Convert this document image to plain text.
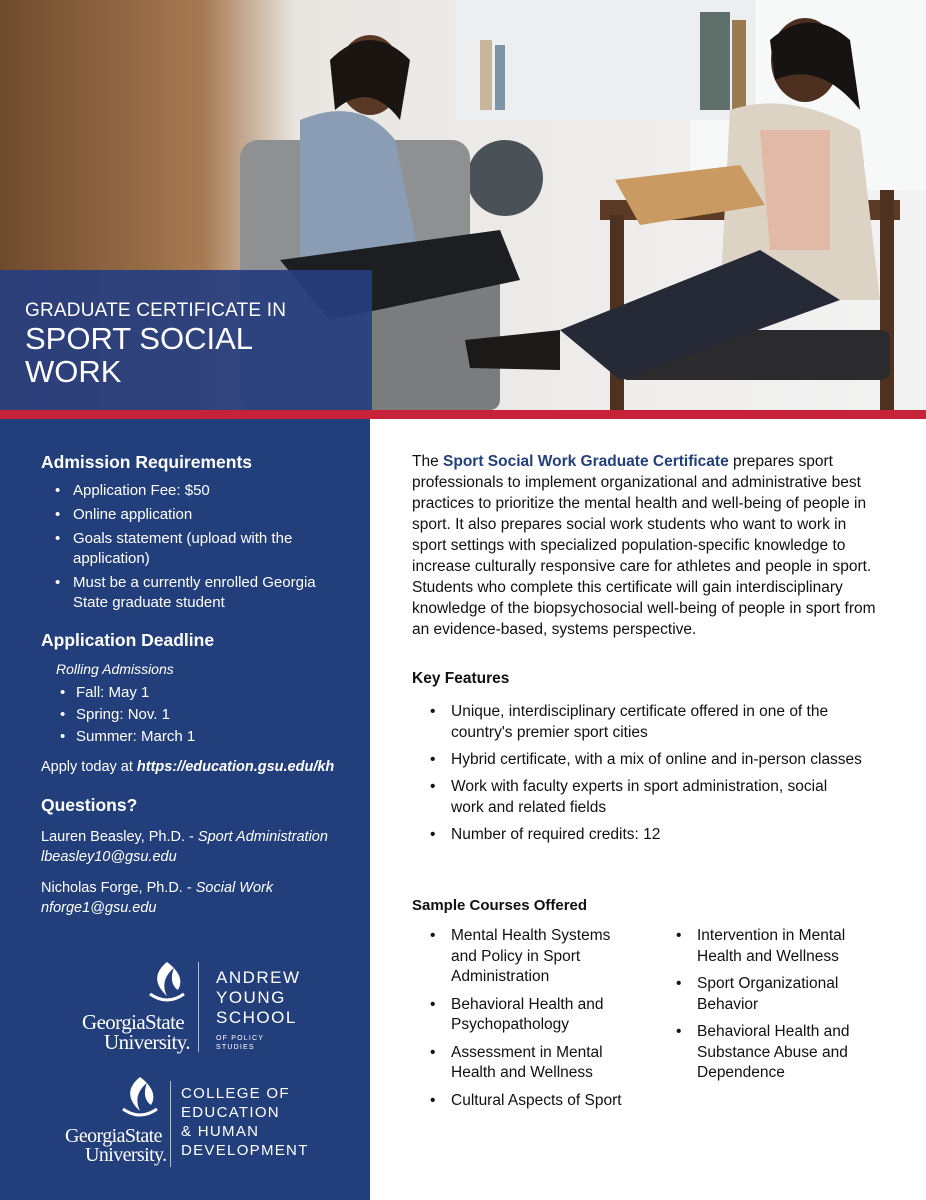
GRADUATE CERTIFICATE IN
SPORT SOCIAL WORK
Admission Requirements
• Application Fee: $50
• Online application
• Goals statement (upload with the application)
• Must be a currently enrolled Georgia State graduate student
Application Deadline
Rolling Admissions
• Fall: May 1
• Spring: Nov. 1
• Summer: March 1
Apply today at https://education.gsu.edu/kh
Questions?
Lauren Beasley, Ph.D. - Sport Administration
lbeasley10@gsu.edu
Nicholas Forge, Ph.D. - Social Work
nforge1@gsu.edu
GeorgiaState
University.
ANDREW
YOUNG
SCHOOL
OF POLICY
STUDIES
GeorgiaState
University.
COLLEGE OF
EDUCATION
& HUMAN
DEVELOPMENT

The Sport Social Work Graduate Certificate prepares sport professionals to implement organizational and administrative best practices to prioritize the mental health and well-being of people in sport. It also prepares social work students who want to work in sport settings with specialized population-specific knowledge to increase culturally responsive care for athletes and people in sport. Students who complete this certificate will gain interdisciplinary knowledge of the biopsychosocial well-being of people in sport from an evidence-based, systems perspective.

Key Features
• Unique, interdisciplinary certificate offered in one of the country's premier sport cities
• Hybrid certificate, with a mix of online and in-person classes
• Work with faculty experts in sport administration, social work and related fields
• Number of required credits: 12
Sample Courses Offered
• Mental Health Systems and Policy in Sport Administration
• Behavioral Health and Psychopathology
• Assessment in Mental Health and Wellness
• Cultural Aspects of Sport
• Intervention in Mental Health and Wellness
• Sport Organizational Behavior
• Behavioral Health and Substance Abuse and Dependence
